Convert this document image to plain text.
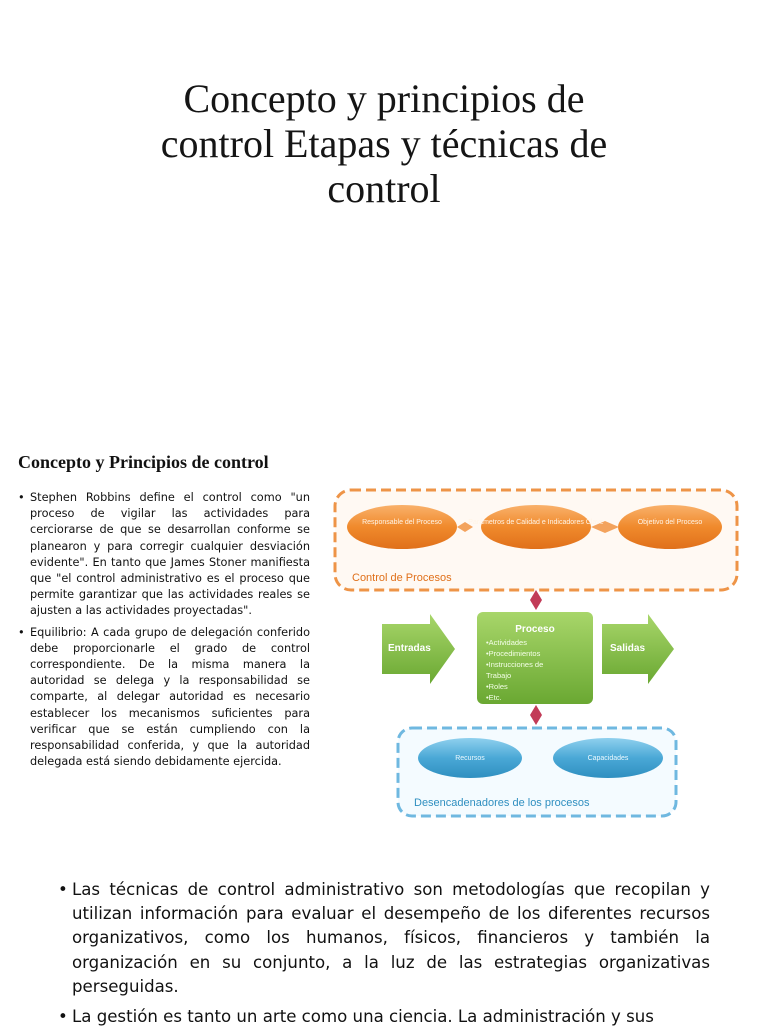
Concepto y principios de
control Etapas y técnicas de
control
Concepto y Principios de control
• Stephen Robbins define el control como "un proceso de vigilar las actividades para cerciorarse de que se desarrollan conforme se planearon y para corregir cualquier desviación evidente". En tanto que James Stoner manifiesta que "el control administrativo es el proceso que permite garantizar que las actividades reales se ajusten a las actividades proyectadas".
• Equilibrio: A cada grupo de delegación conferido debe proporcionarle el grado de control correspondiente. De la misma manera la autoridad se delega y la responsabilidad se comparte, al delegar autoridad es necesario establecer los mecanismos suficientes para verificar que se están cumpliendo con la responsabilidad conferida, y que la autoridad delegada está siendo debidamente ejercida.
Responsable del Proceso	Parámetros de Calidad e Indicadores Clave	Objetivo del Proceso
Control de Procesos
Entradas
Proceso
•Actividades •Procedimientos •Instrucciones de Trabajo •Roles •Etc.
Salidas
Recursos	Capacidades
Desencadenadores de los procesos
• Las técnicas de control administrativo son metodologías que recopilan y utilizan información para evaluar el desempeño de los diferentes recursos organizativos, como los humanos, físicos, financieros y también la organización en su conjunto, a la luz de las estrategias organizativas perseguidas.
• La gestión es tanto un arte como una ciencia. La administración y sus
